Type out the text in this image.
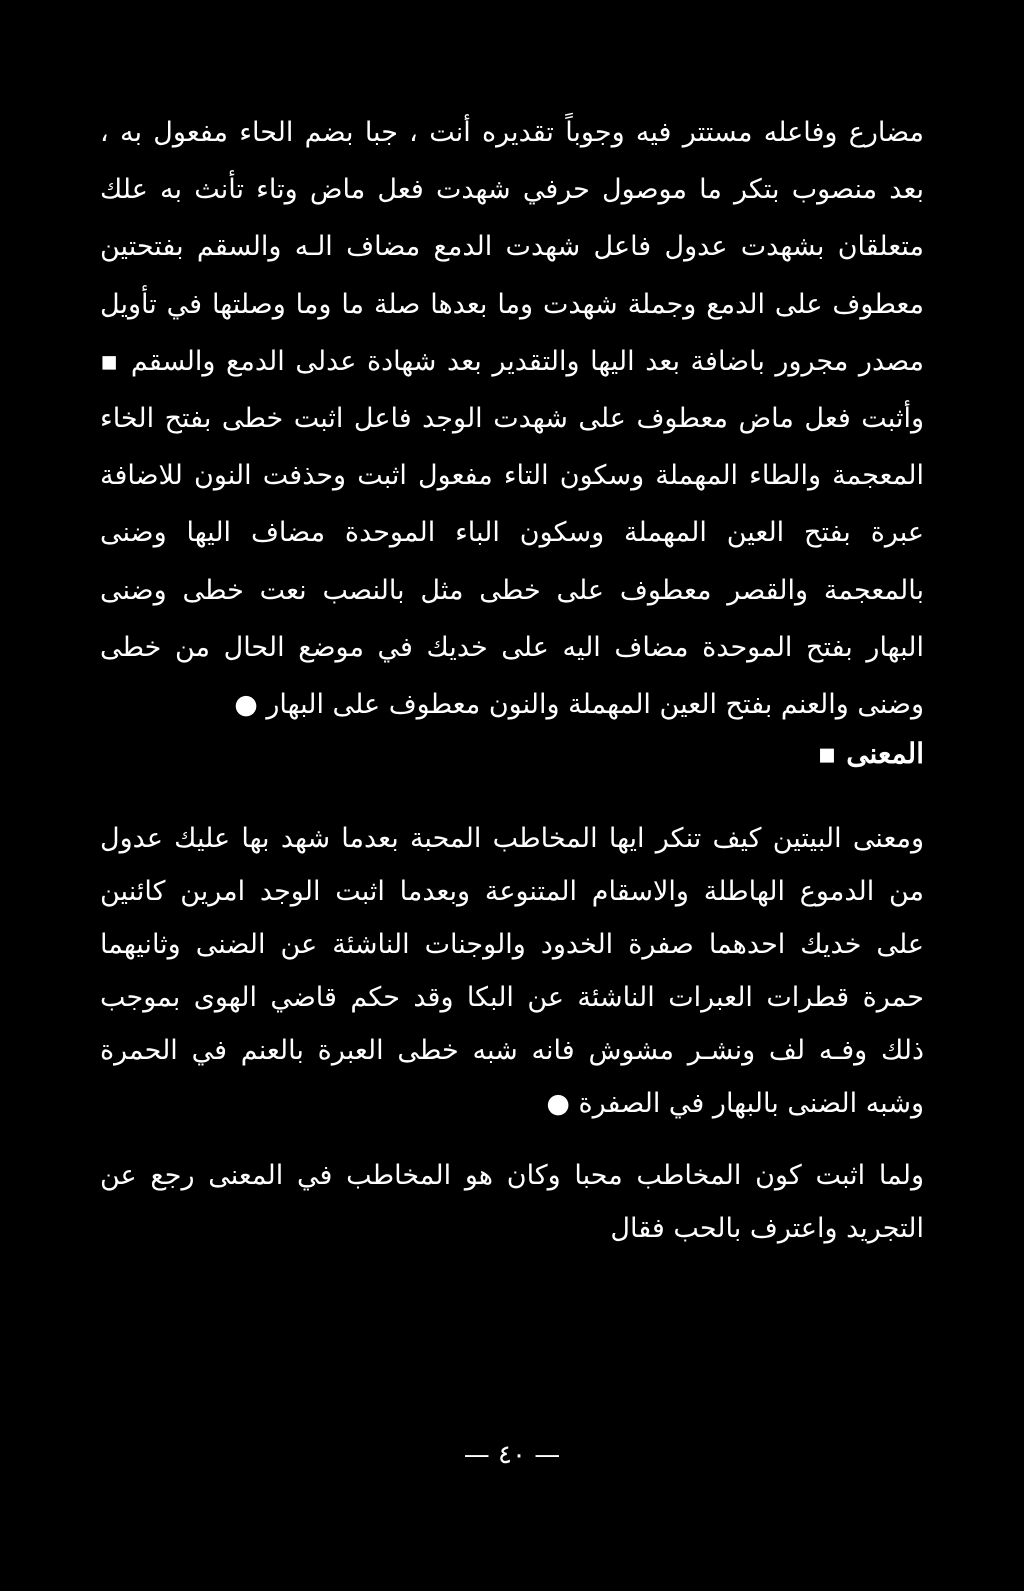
مضارع وفاعله مستتر فيه وجوباً تقديره أنت ، جبا بضم الحاء مفعول به ، بعد منصوب بتكر ما موصول حرفي شهدت فعل ماض وتاء تأنث به علك متعلقان بشهدت عدول فاعل شهدت الدمع مضاف الـه والسقم بفتحتين معطوف على الدمع وجملة شهدت وما بعدها صلة ما وما وصلتها في تأويل مصدر مجرور باضافة بعد اليها والتقدير بعد شهادة عدلى الدمع والسقم ▪ وأثبت فعل ماض معطوف على شهدت الوجد فاعل اثبت خطى بفتح الخاء المعجمة والطاء المهملة وسكون التاء مفعول اثبت وحذفت النون للاضافة عبرة بفتح العين المهملة وسكون الباء الموحدة مضاف اليها وضنى بالمعجمة والقصر معطوف على خطى مثل بالنصب نعت خطى وضنى البهار بفتح الموحدة مضاف اليه على خديك في موضع الحال من خطى وضنى والعنم بفتح العين المهملة والنون معطوف على البهار ●

المعنى ▪

ومعنى البيتين كيف تنكر ايها المخاطب المحبة بعدما شهد بها عليك عدول من الدموع الهاطلة والاسقام المتنوعة وبعدما اثبت الوجد امرين كائنين على خديك احدهما صفرة الخدود والوجنات الناشئة عن الضنى وثانيهما حمرة قطرات العبرات الناشئة عن البكا وقد حكم قاضي الهوى بموجب ذلك وفـه لف ونشـر مشوش فانه شبه خطى العبرة بالعنم في الحمرة وشبه الضنى بالبهار في الصفرة ●

ولما اثبت كون المخاطب محبا وكان هو المخاطب في المعنى رجع عن التجريد واعترف بالحب فقال

— ٤٠ —
